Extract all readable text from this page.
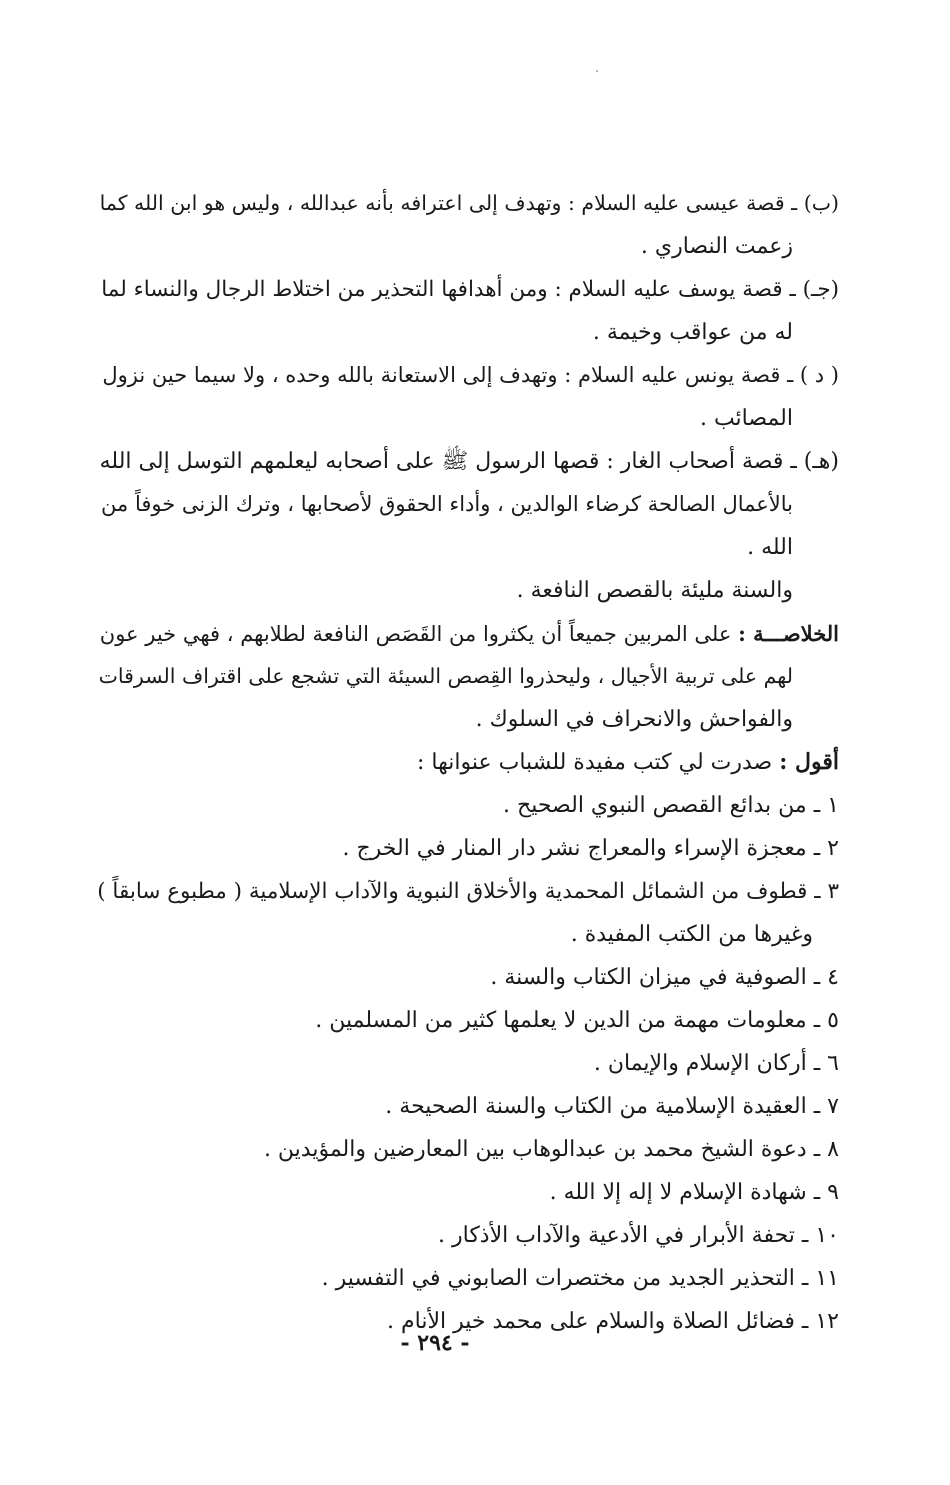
(ب) ـ قصة عيسى عليه السلام : وتهدف إلى اعترافه بأنه عبدالله ، وليس هو ابن الله كما
زعمت النصاري .
(جـ) ـ قصة يوسف عليه السلام : ومن أهدافها التحذير من اختلاط الرجال والنساء لما
له من عواقب وخيمة .
( د ) ـ قصة يونس عليه السلام : وتهدف إلى الاستعانة بالله وحده ، ولا سيما حين نزول
المصائب .
(هـ) ـ قصة أصحاب الغار : قصها الرسول ﷺ على أصحابه ليعلمهم التوسل إلى الله
بالأعمال الصالحة كرضاء الوالدين ، وأداء الحقوق لأصحابها ، وترك الزنى خوفاً من
الله .
والسنة مليئة بالقصص النافعة .
الخلاصـــة : على المربين جميعاً أن يكثروا من القَصَص النافعة لطلابهم ، فهي خير عون
لهم على تربية الأجيال ، وليحذروا القِصص السيئة التي تشجع على اقتراف السرقات
والفواحش والانحراف في السلوك .
أقول : صدرت لي كتب مفيدة للشباب عنوانها :
١ ـ من بدائع القصص النبوي الصحيح .
٢ ـ معجزة الإسراء والمعراج نشر دار المنار في الخرج .
٣ ـ قطوف من الشمائل المحمدية والأخلاق النبوية والآداب الإسلامية ( مطبوع سابقاً )
وغيرها من الكتب المفيدة .
٤ ـ الصوفية في ميزان الكتاب والسنة .
٥ ـ معلومات مهمة من الدين لا يعلمها كثير من المسلمين .
٦ ـ أركان الإسلام والإيمان .
٧ ـ العقيدة الإسلامية من الكتاب والسنة الصحيحة .
٨ ـ دعوة الشيخ محمد بن عبدالوهاب بين المعارضين والمؤيدين .
٩ ـ شهادة الإسلام لا إله إلا الله .
١٠ ـ تحفة الأبرار في الأدعية والآداب الأذكار .
١١ ـ التحذير الجديد من مختصرات الصابوني في التفسير .
١٢ ـ فضائل الصلاة والسلام على محمد خير الأنام .
- ٢٩٤ -
